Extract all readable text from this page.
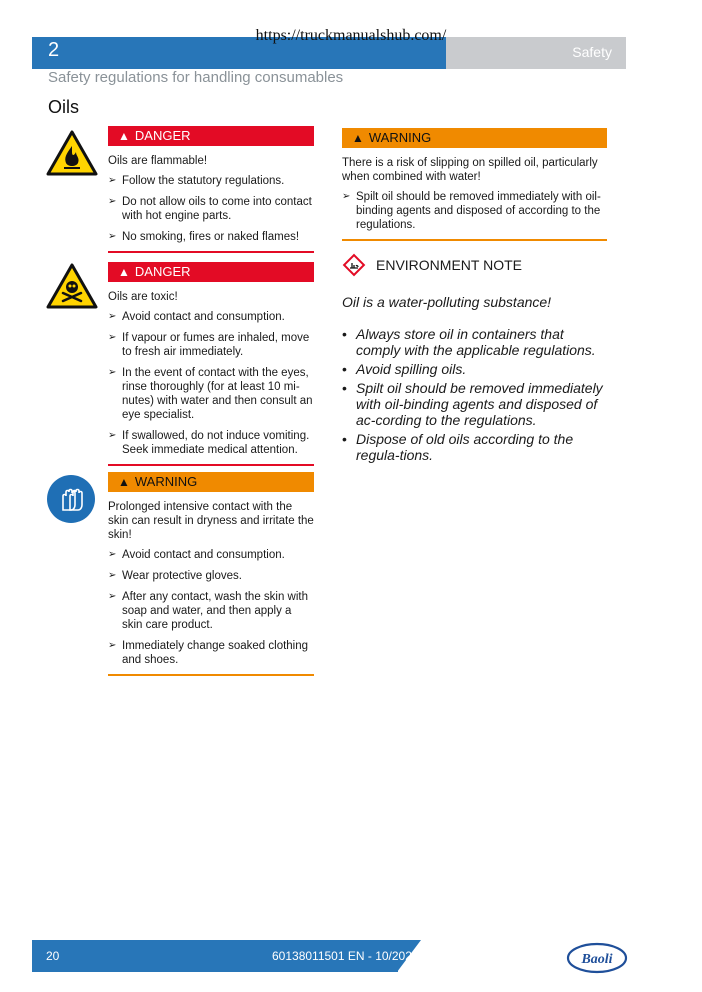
https://truckmanualshub.com/
2	Safety
Safety regulations for handling consumables
Oils
▲ DANGER
Oils are flammable!
➢ Follow the statutory regulations.
➢ Do not allow oils to come into contact with hot engine parts.
➢ No smoking, fires or naked flames!
▲ DANGER
Oils are toxic!
➢ Avoid contact and consumption.
➢ If vapour or fumes are inhaled, move to fresh air immediately.
➢ In the event of contact with the eyes, rinse thoroughly (for at least 10 mi-nutes) with water and then consult an eye specialist.
➢ If swallowed, do not induce vomiting. Seek immediate medical attention.
▲ WARNING
Prolonged intensive contact with the skin can result in dryness and irritate the skin!
➢ Avoid contact and consumption.
➢ Wear protective gloves.
➢ After any contact, wash the skin with soap and water, and then apply a skin care product.
➢ Immediately change soaked clothing and shoes.
▲ WARNING
There is a risk of slipping on spilled oil, particularly when combined with water!
➢ Spilt oil should be removed immediately with oil-binding agents and disposed of according to the regulations.
ENVIRONMENT NOTE
Oil is a water-polluting substance!
• Always store oil in containers that comply with the applicable regulations.
• Avoid spilling oils.
• Spilt oil should be removed immediately with oil-binding agents and disposed of ac-cording to the regulations.
• Dispose of old oils according to the regula-tions.
20	60138011501 EN - 10/2020	Baoli
